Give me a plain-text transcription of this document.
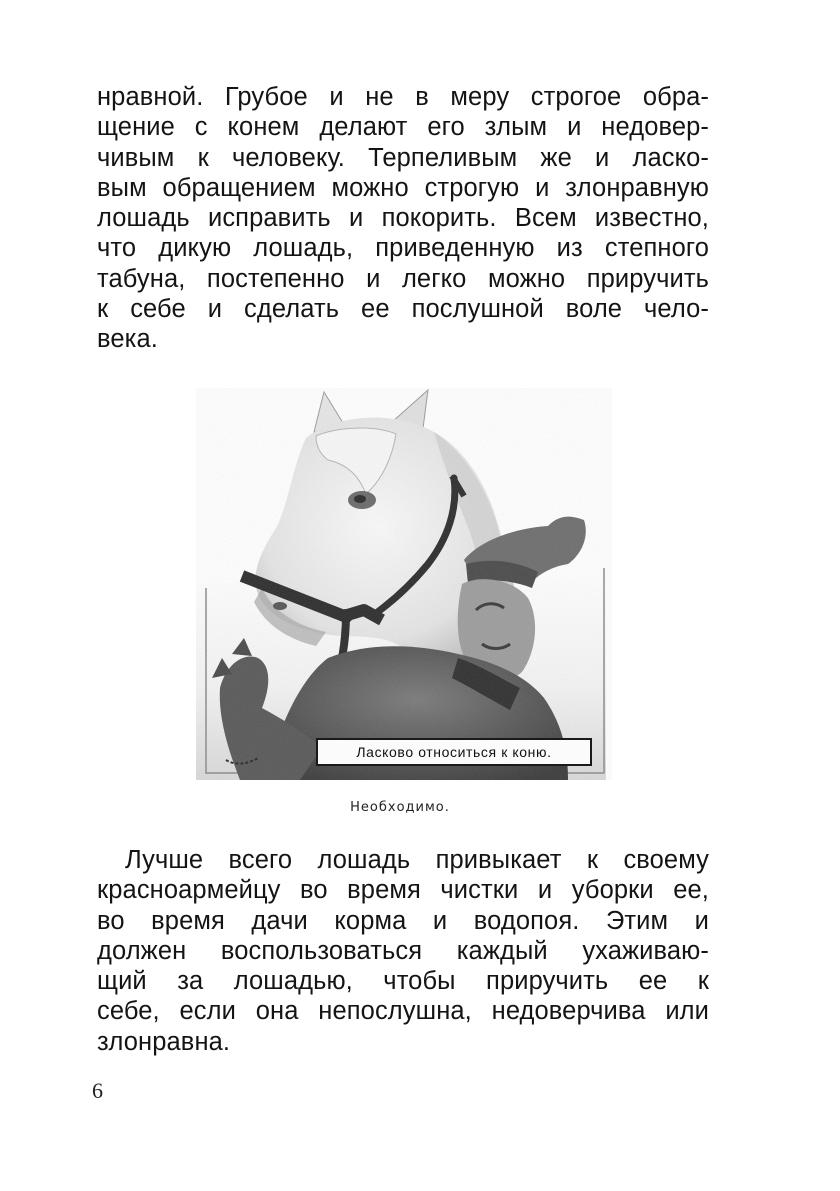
нравной. Грубое и не в меру строгое обра-
щение с конем делают его злым и недовер-
чивым к человеку. Терпеливым же и ласко-
вым обращением можно строгую и злонравную
лошадь исправить и покорить. Всем известно,
что дикую лошадь, приведенную из степного
табуна, постепенно и легко можно приручить
к себе и сделать ее послушной воле чело-
века.

Ласково относиться к коню.
Необходимо.

Лучше всего лошадь привыкает к своему
красноармейцу во время чистки и уборки ее,
во время дачи корма и водопоя. Этим и
должен воспользоваться каждый ухаживаю-
щий за лошадью, чтобы приручить ее к
себе, если она непослушна, недоверчива или
злонравна.

6
